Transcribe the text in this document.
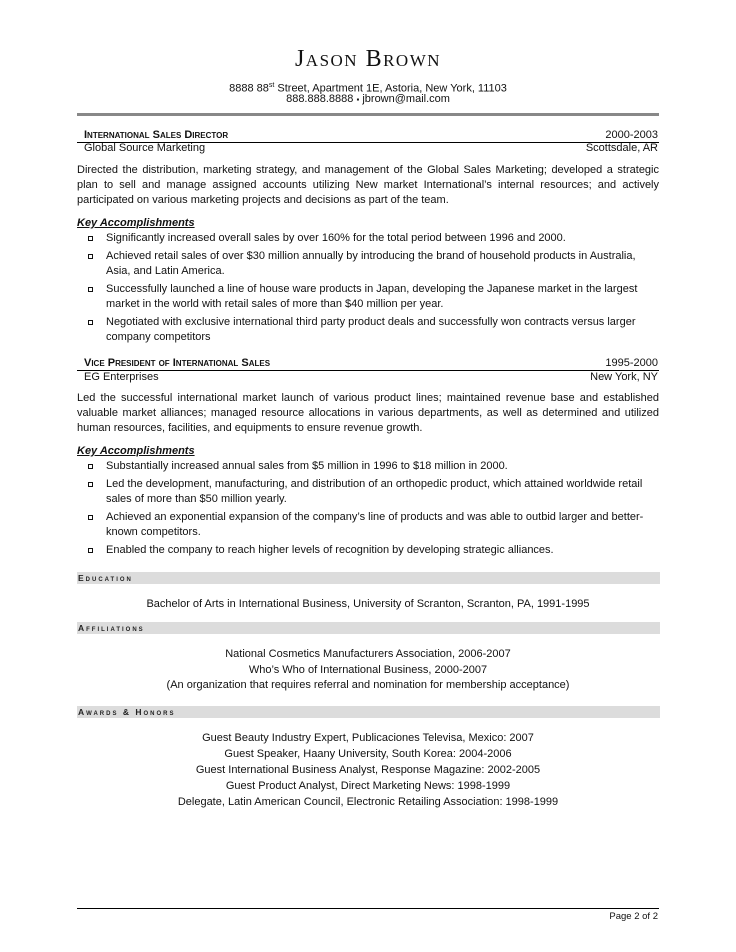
Jason Brown
8888 88st Street, Apartment 1E, Astoria, New York, 11103
888.888.8888 ▪ jbrown@mail.com
International Sales Director	2000-2003
Global Source Marketing	Scottsdale, AR
Directed the distribution, marketing strategy, and management of the Global Sales Marketing; developed a strategic plan to sell and manage assigned accounts utilizing New market International’s internal resources; and actively participated on various marketing projects and decisions as part of the team.
Key Accomplishments
Significantly increased overall sales by over 160% for the total period between 1996 and 2000.
Achieved retail sales of over $30 million annually by introducing the brand of household products in Australia, Asia, and Latin America.
Successfully launched a line of house ware products in Japan, developing the Japanese market in the largest market in the world with retail sales of more than $40 million per year.
Negotiated with exclusive international third party product deals and successfully won contracts versus larger company competitors
Vice President of International Sales	1995-2000
EG Enterprises	New York, NY
Led the successful international market launch of various product lines; maintained revenue base and established valuable market alliances; managed resource allocations in various departments, as well as determined and utilized human resources, facilities, and equipments to ensure revenue growth.
Key Accomplishments
Substantially increased annual sales from $5 million in 1996 to $18 million in 2000.
Led the development, manufacturing, and distribution of an orthopedic product, which attained worldwide retail sales of more than $50 million yearly.
Achieved an exponential expansion of the company’s line of products and was able to outbid larger and better-known competitors.
Enabled the company to reach higher levels of recognition by developing strategic alliances.
Education
Bachelor of Arts in International Business, University of Scranton, Scranton, PA, 1991-1995
Affiliations
National Cosmetics Manufacturers Association, 2006-2007
Who’s Who of International Business, 2000-2007
(An organization that requires referral and nomination for membership acceptance)
Awards & Honors
Guest Beauty Industry Expert, Publicaciones Televisa, Mexico: 2007
Guest Speaker, Haany University, South Korea: 2004-2006
Guest International Business Analyst, Response Magazine: 2002-2005
Guest Product Analyst, Direct Marketing News: 1998-1999
Delegate, Latin American Council, Electronic Retailing Association: 1998-1999
Page 2 of 2
